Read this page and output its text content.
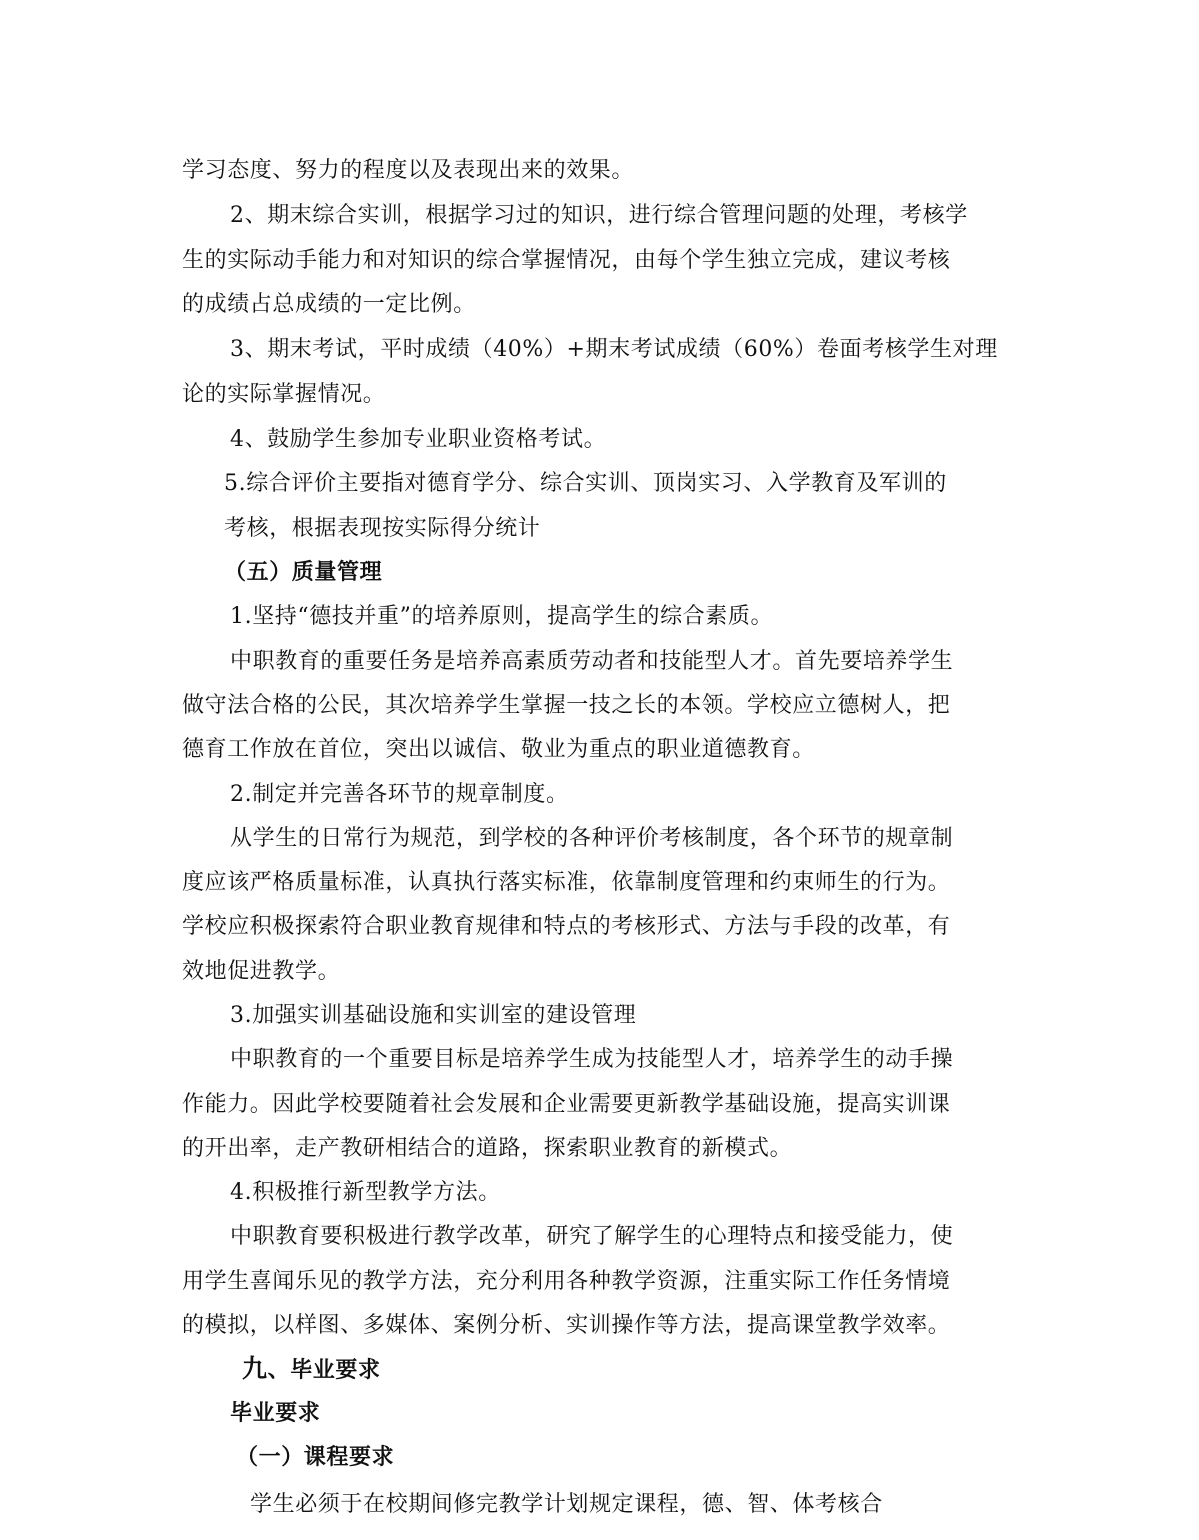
学习态度、努力的程度以及表现出来的效果。
2、期末综合实训，根据学习过的知识，进行综合管理问题的处理，考核学
生的实际动手能力和对知识的综合掌握情况，由每个学生独立完成，建议考核
的成绩占总成绩的一定比例。
3、期末考试，平时成绩（40%）+期末考试成绩（60%）卷面考核学生对理
论的实际掌握情况。
4、鼓励学生参加专业职业资格考试。
5.综合评价主要指对德育学分、综合实训、顶岗实习、入学教育及军训的
考核，根据表现按实际得分统计
（五）质量管理
1.坚持“德技并重”的培养原则，提高学生的综合素质。
中职教育的重要任务是培养高素质劳动者和技能型人才。首先要培养学生
做守法合格的公民，其次培养学生掌握一技之长的本领。学校应立德树人，把
德育工作放在首位，突出以诚信、敬业为重点的职业道德教育。
2.制定并完善各环节的规章制度。
从学生的日常行为规范，到学校的各种评价考核制度，各个环节的规章制
度应该严格质量标准，认真执行落实标准，依靠制度管理和约束师生的行为。
学校应积极探索符合职业教育规律和特点的考核形式、方法与手段的改革，有
效地促进教学。
3.加强实训基础设施和实训室的建设管理
中职教育的一个重要目标是培养学生成为技能型人才，培养学生的动手操
作能力。因此学校要随着社会发展和企业需要更新教学基础设施，提高实训课
的开出率，走产教研相结合的道路，探索职业教育的新模式。
4.积极推行新型教学方法。
中职教育要积极进行教学改革，研究了解学生的心理特点和接受能力，使
用学生喜闻乐见的教学方法，充分利用各种教学资源，注重实际工作任务情境
的模拟，以样图、多媒体、案例分析、实训操作等方法，提高课堂教学效率。
九、毕业要求
毕业要求
（一）课程要求
学生必须于在校期间修完教学计划规定课程，德、智、体考核合
